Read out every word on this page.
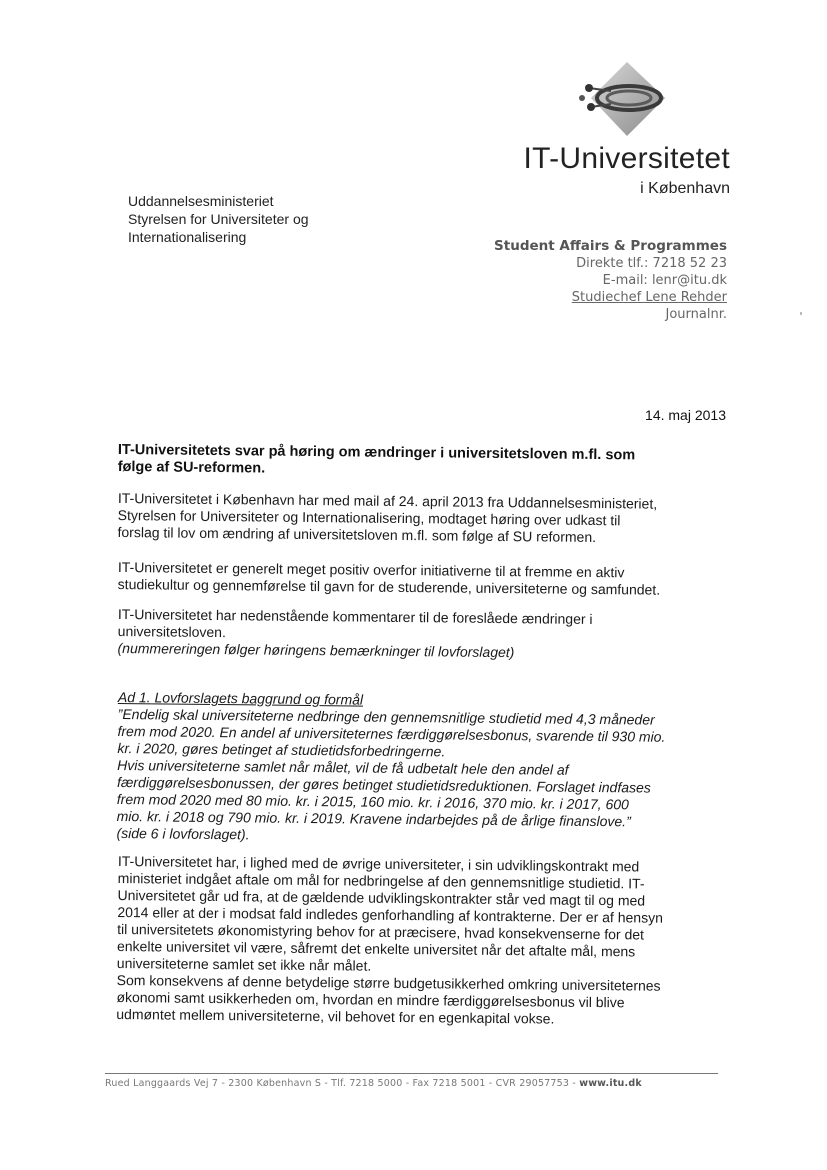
IT-Universitetet
i København
Uddannelsesministeriet
Styrelsen for Universiteter og
Internationalisering
Student Affairs & Programmes
Direkte tlf.: 7218 52 23
E-mail: lenr@itu.dk
Studiechef Lene Rehder
Journalnr.
14. maj 2013
IT-Universitetets svar på høring om ændringer i universitetsloven m.fl. som
følge af SU-reformen.
IT-Universitetet i København har med mail af 24. april 2013 fra Uddannelsesministeriet,
Styrelsen for Universiteter og Internationalisering, modtaget høring over udkast til
forslag til lov om ændring af universitetsloven m.fl. som følge af SU reformen.
IT-Universitetet er generelt meget positiv overfor initiativerne til at fremme en aktiv
studiekultur og gennemførelse til gavn for de studerende, universiteterne og samfundet.
IT-Universitetet har nedenstående kommentarer til de foreslåede ændringer i
universitetsloven.
(nummereringen følger høringens bemærkninger til lovforslaget)
Ad 1. Lovforslagets baggrund og formål
”Endelig skal universiteterne nedbringe den gennemsnitlige studietid med 4,3 måneder
frem mod 2020. En andel af universiteternes færdiggørelsesbonus, svarende til 930 mio.
kr. i 2020, gøres betinget af studietidsforbedringerne.
Hvis universiteterne samlet når målet, vil de få udbetalt hele den andel af
færdiggørelsesbonussen, der gøres betinget studietidsreduktionen. Forslaget indfases
frem mod 2020 med 80 mio. kr. i 2015, 160 mio. kr. i 2016, 370 mio. kr. i 2017, 600
mio. kr. i 2018 og 790 mio. kr. i 2019. Kravene indarbejdes på de årlige finanslove.”
(side 6 i lovforslaget).
IT-Universitetet har, i lighed med de øvrige universiteter, i sin udviklingskontrakt med
ministeriet indgået aftale om mål for nedbringelse af den gennemsnitlige studietid. IT-
Universitetet går ud fra, at de gældende udviklingskontrakter står ved magt til og med
2014 eller at der i modsat fald indledes genforhandling af kontrakterne. Der er af hensyn
til universitetets økonomistyring behov for at præcisere, hvad konsekvenserne for det
enkelte universitet vil være, såfremt det enkelte universitet når det aftalte mål, mens
universiteterne samlet set ikke når målet.
Som konsekvens af denne betydelige større budgetusikkerhed omkring universiteternes
økonomi samt usikkerheden om, hvordan en mindre færdiggørelsesbonus vil blive
udmøntet mellem universiteterne, vil behovet for en egenkapital vokse.
Rued Langgaards Vej 7 - 2300 København S - Tlf. 7218 5000 - Fax 7218 5001 - CVR 29057753 - www.itu.dk
